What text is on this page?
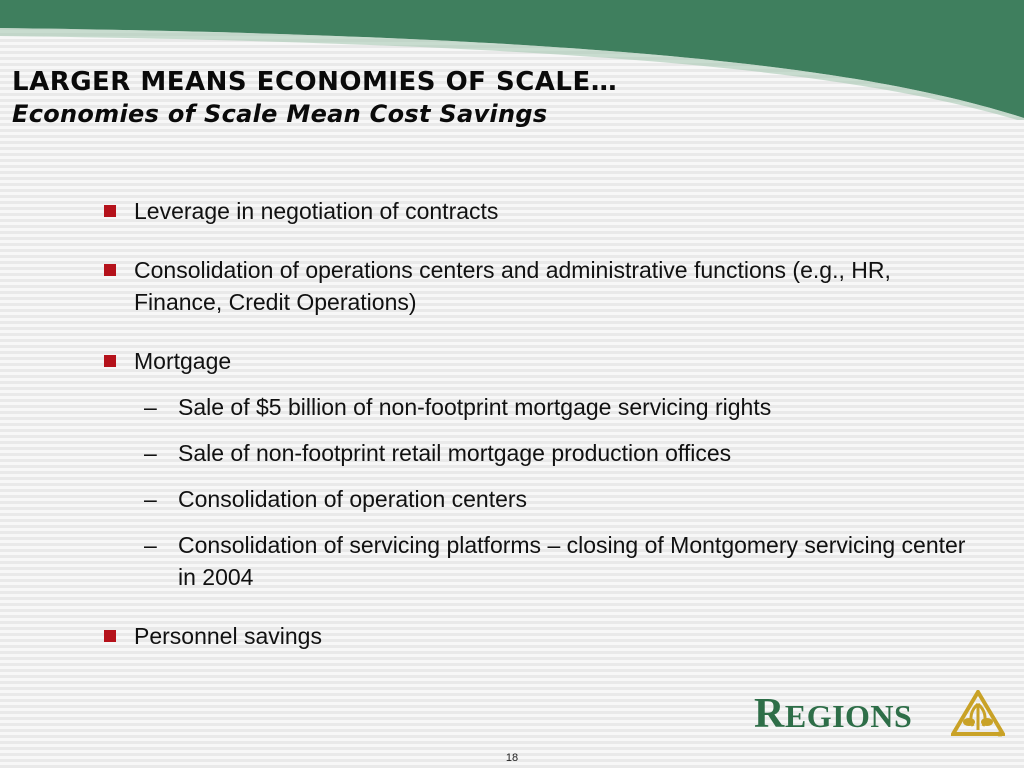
LARGER MEANS ECONOMIES OF SCALE…
Economies of Scale Mean Cost Savings
Leverage in negotiation of contracts
Consolidation of operations centers and administrative functions (e.g., HR, Finance, Credit Operations)
Mortgage
– Sale of $5 billion of non-footprint mortgage servicing rights
– Sale of non-footprint retail mortgage production offices
– Consolidation of operation centers
– Consolidation of servicing platforms – closing of Montgomery servicing center in 2004
Personnel savings
REGIONS
®
18
